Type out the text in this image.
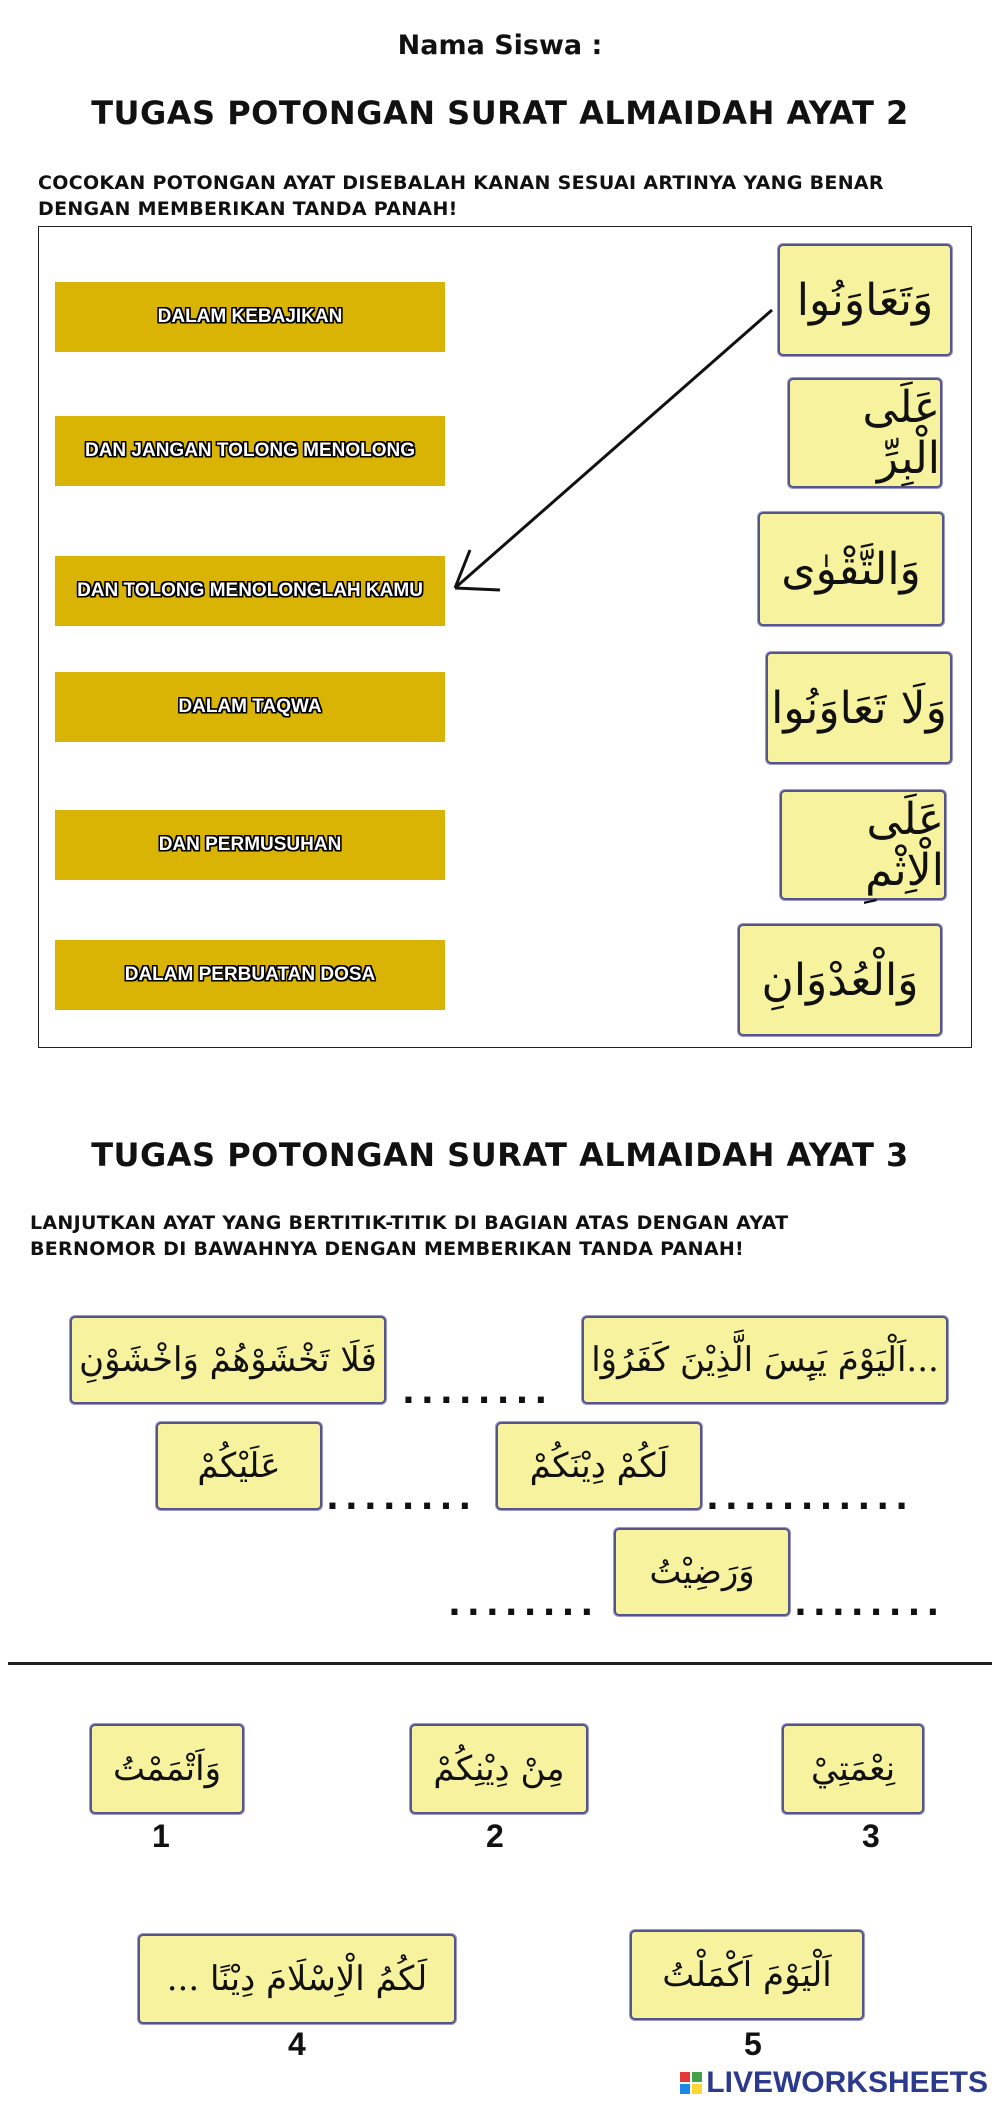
Nama Siswa :
TUGAS POTONGAN SURAT ALMAIDAH AYAT 2
COCOKAN POTONGAN AYAT DISEBALAH KANAN SESUAI ARTINYA YANG BENAR
DENGAN MEMBERIKAN TANDA PANAH!
DALAM KEBAJIKAN
DAN JANGAN TOLONG MENOLONG
DAN TOLONG MENOLONGLAH KAMU
DALAM TAQWA
DAN PERMUSUHAN
DALAM PERBUATAN DOSA
وَتَعَاوَنُوا
عَلَى الْبِرِّ
وَالتَّقْوٰى
وَلَا تَعَاوَنُوا
عَلَى الْاِثْمِ
وَالْعُدْوَانِ
TUGAS POTONGAN SURAT ALMAIDAH AYAT 3
LANJUTKAN AYAT YANG BERTITIK-TITIK DI BAGIAN ATAS DENGAN AYAT
BERNOMOR DI BAWAHNYA DENGAN MEMBERIKAN TANDA PANAH!
فَلَا تَخْشَوْهُمْ وَاخْشَوْنِ	...اَلْيَوْمَ يَىِٕسَ الَّذِيْنَ كَفَرُوْا
........
عَلَيْكُمْ	لَكُمْ دِيْنَكُمْ
........	...........
وَرَضِيْتُ
........	........
وَاَتْمَمْتُ
1
مِنْ دِيْنِكُمْ
2
نِعْمَتِيْ
3
لَكُمُ الْاِسْلَامَ دِيْنًا ...
4
اَلْيَوْمَ اَكْمَلْتُ
5
LIVEWORKSHEETS
